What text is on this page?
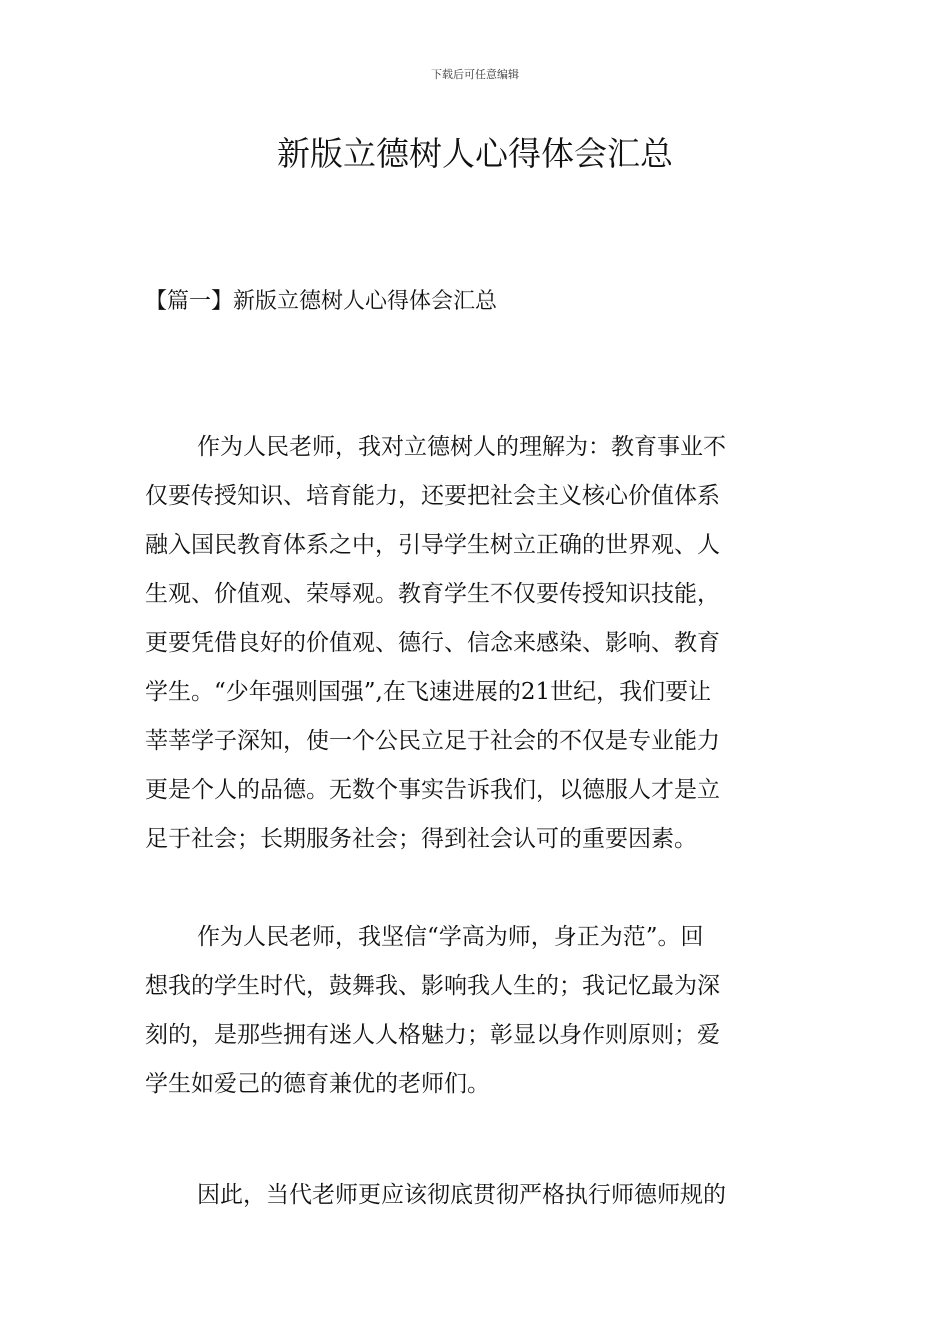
下载后可任意编辑
新版立德树人心得体会汇总
【篇一】新版立德树人心得体会汇总
作为人民老师，我对立德树人的理解为：教育事业不
仅要传授知识、培育能力，还要把社会主义核心价值体系
融入国民教育体系之中，引导学生树立正确的世界观、人
生观、价值观、荣辱观。教育学生不仅要传授知识技能，
更要凭借良好的价值观、德行、信念来感染、影响、教育
学生。“少年强则国强”,在飞速进展的21世纪，我们要让
莘莘学子深知，使一个公民立足于社会的不仅是专业能力
更是个人的品德。无数个事实告诉我们，以德服人才是立
足于社会；长期服务社会；得到社会认可的重要因素。
作为人民老师，我坚信“学高为师，身正为范”。回
想我的学生时代，鼓舞我、影响我人生的；我记忆最为深
刻的，是那些拥有迷人人格魅力；彰显以身作则原则；爱
学生如爱己的德育兼优的老师们。
因此，当代老师更应该彻底贯彻严格执行师德师规的
